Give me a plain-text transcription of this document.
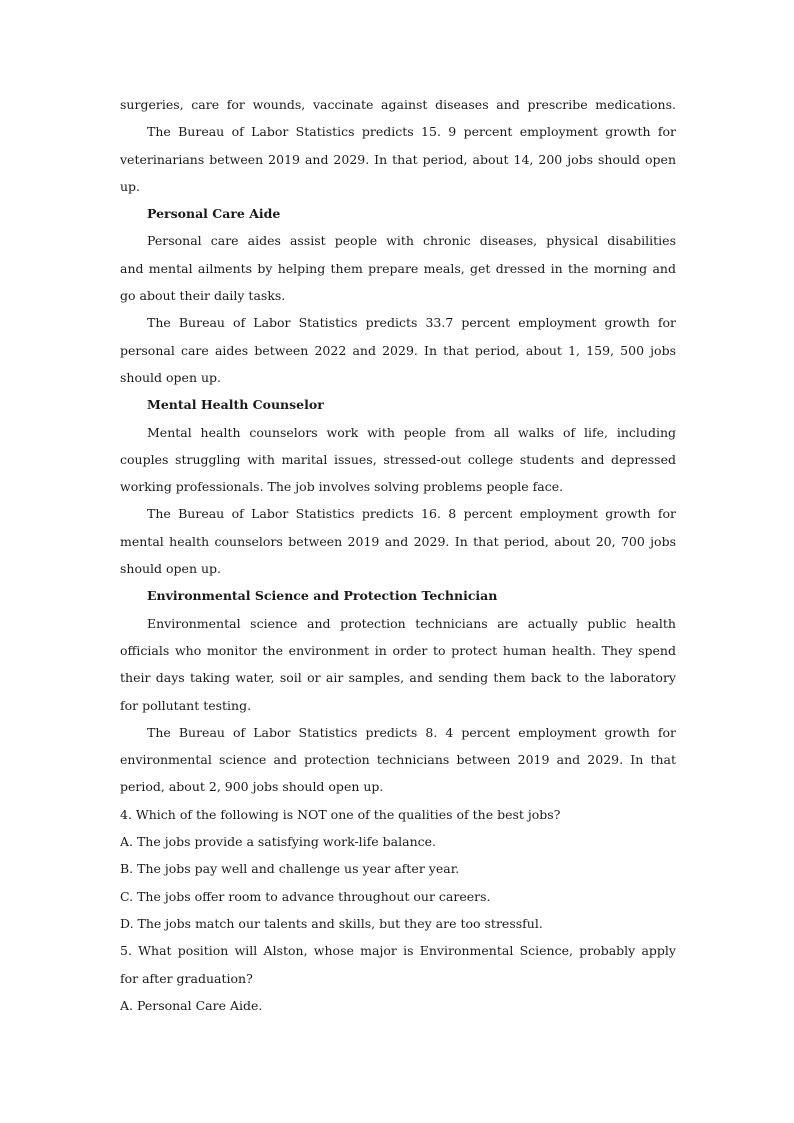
surgeries, care for wounds, vaccinate against diseases and prescribe medications.
The Bureau of Labor Statistics predicts 15. 9 percent employment growth for
veterinarians between 2019 and 2029. In that period, about 14, 200 jobs should open
up.
Personal Care Aide
Personal care aides assist people with chronic diseases, physical disabilities
and mental ailments by helping them prepare meals, get dressed in the morning and
go about their daily tasks.
The Bureau of Labor Statistics predicts 33.7 percent employment growth for
personal care aides between 2022 and 2029. In that period, about 1, 159, 500 jobs
should open up.
Mental Health Counselor
Mental health counselors work with people from all walks of life, including
couples struggling with marital issues, stressed-out college students and depressed
working professionals. The job involves solving problems people face.
The Bureau of Labor Statistics predicts 16. 8 percent employment growth for
mental health counselors between 2019 and 2029. In that period, about 20, 700 jobs
should open up.
Environmental Science and Protection Technician
Environmental science and protection technicians are actually public health
officials who monitor the environment in order to protect human health. They spend
their days taking water, soil or air samples, and sending them back to the laboratory
for pollutant testing.
The Bureau of Labor Statistics predicts 8. 4 percent employment growth for
environmental science and protection technicians between 2019 and 2029. In that
period, about 2, 900 jobs should open up.
4. Which of the following is NOT one of the qualities of the best jobs?
A. The jobs provide a satisfying work-life balance.
B. The jobs pay well and challenge us year after year.
C. The jobs offer room to advance throughout our careers.
D. The jobs match our talents and skills, but they are too stressful.
5. What position will Alston, whose major is Environmental Science, probably apply
for after graduation?
A. Personal Care Aide.
